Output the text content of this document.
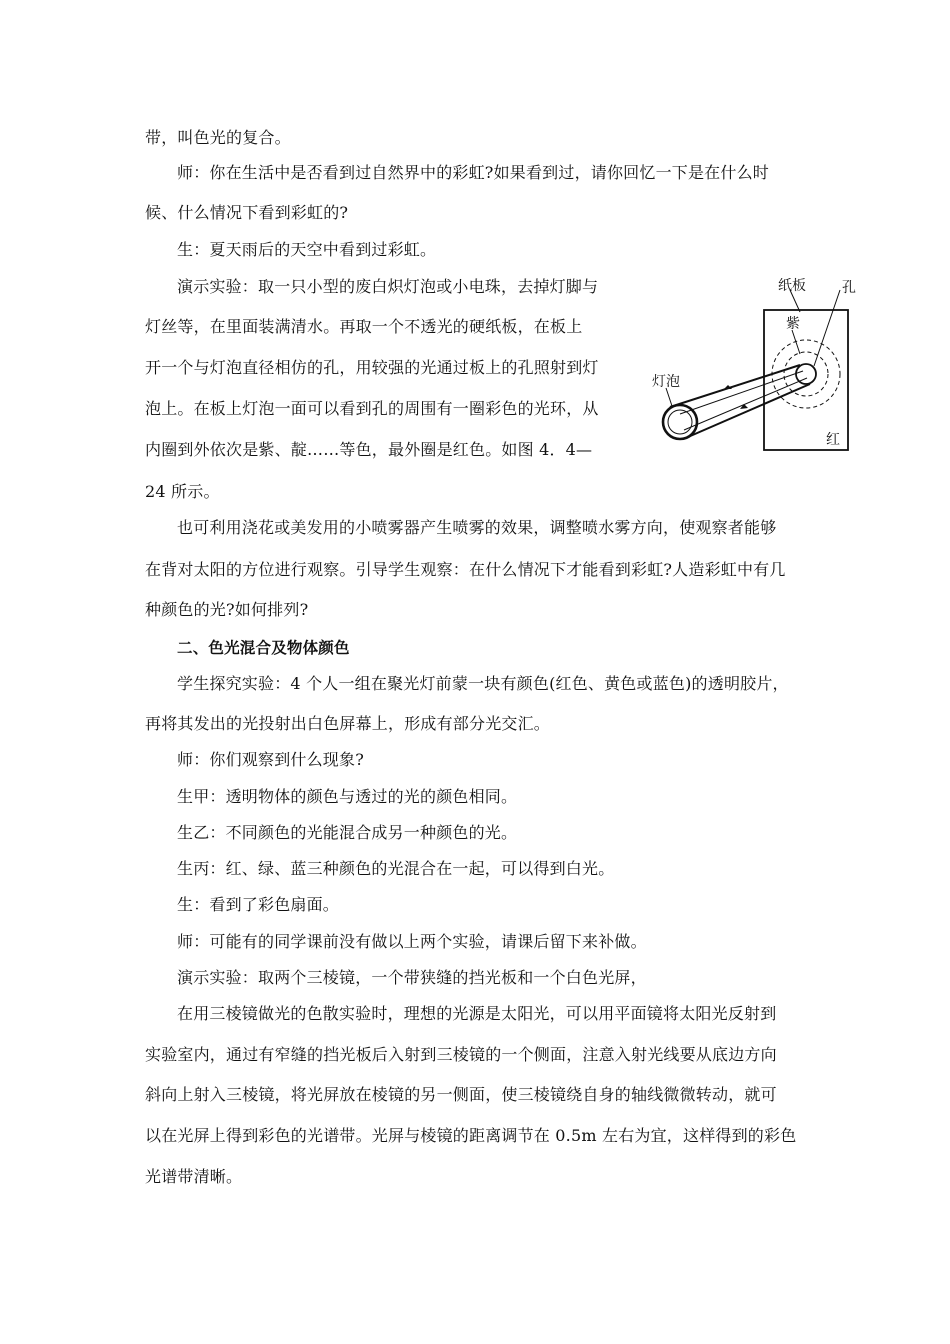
带，叫色光的复合。
师：你在生活中是否看到过自然界中的彩虹?如果看到过，请你回忆一下是在什么时
候、什么情况下看到彩虹的?
生：夏天雨后的天空中看到过彩虹。
演示实验：取一只小型的废白炽灯泡或小电珠，去掉灯脚与
灯丝等，在里面装满清水。再取一个不透光的硬纸板，在板上
开一个与灯泡直径相仿的孔，用较强的光通过板上的孔照射到灯
泡上。在板上灯泡一面可以看到孔的周围有一圈彩色的光环，从
内圈到外依次是紫、靛……等色，最外圈是红色。如图 4．4—
24 所示。
也可利用浇花或美发用的小喷雾器产生喷雾的效果，调整喷水雾方向，使观察者能够
在背对太阳的方位进行观察。引导学生观察：在什么情况下才能看到彩虹?人造彩虹中有几
种颜色的光?如何排列?
二、色光混合及物体颜色
学生探究实验：4 个人一组在聚光灯前蒙一块有颜色(红色、黄色或蓝色)的透明胶片，
再将其发出的光投射出白色屏幕上，形成有部分光交汇。
师：你们观察到什么现象?
生甲：透明物体的颜色与透过的光的颜色相同。
生乙：不同颜色的光能混合成另一种颜色的光。
生丙：红、绿、蓝三种颜色的光混合在一起，可以得到白光。
生：看到了彩色扇面。
师：可能有的同学课前没有做以上两个实验，请课后留下来补做。
演示实验：取两个三棱镜，一个带狭缝的挡光板和一个白色光屏，
在用三棱镜做光的色散实验时，理想的光源是太阳光，可以用平面镜将太阳光反射到
实验室内，通过有窄缝的挡光板后入射到三棱镜的一个侧面，注意入射光线要从底边方向
斜向上射入三棱镜，将光屏放在棱镜的另一侧面，使三棱镜绕自身的轴线微微转动，就可
以在光屏上得到彩色的光谱带。光屏与棱镜的距离调节在 0.5m 左右为宜，这样得到的彩色
光谱带清晰。
纸板	孔
紫
灯泡
红
